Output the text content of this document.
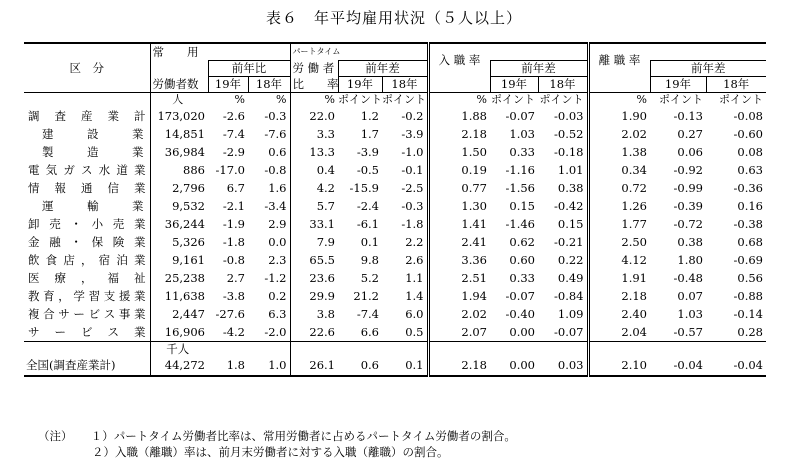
表６　年平均雇用状況（５人以上）
区　分	常　　用			パートタイム			入 職 率			離 職 率		
		前年比		労 働 者	前年差			前年差			前年差	
	労働者数	19年	18年	比　　率	19年	18年		19年	18年		19年	18年
	人	%	%	%	ポイント	ポイント	%	ポイント	ポイント	%	ポイント	ポイント
調査産業計	173,020	-2.6	-0.3	22.0	1.2	-0.2	1.88	-0.07	-0.03	1.90	-0.13	-0.08
建設業	14,851	-7.4	-7.6	3.3	1.7	-3.9	2.18	1.03	-0.52	2.02	0.27	-0.60
製造業	36,984	-2.9	0.6	13.3	-3.9	-1.0	1.50	0.33	-0.18	1.38	0.06	0.08
電気ガス水道業	886	-17.0	-0.8	0.4	-0.5	-0.1	0.19	-1.16	1.01	0.34	-0.92	0.63
情報通信業	2,796	6.7	1.6	4.2	-15.9	-2.5	0.77	-1.56	0.38	0.72	-0.99	-0.36
運輸業	9,532	-2.1	-3.4	5.7	-2.4	-0.3	1.30	0.15	-0.42	1.26	-0.39	0.16
卸売・小売業	36,244	-1.9	2.9	33.1	-6.1	-1.8	1.41	-1.46	0.15	1.77	-0.72	-0.38
金融・保険業	5,326	-1.8	0.0	7.9	0.1	2.2	2.41	0.62	-0.21	2.50	0.38	0.68
飲食店，宿泊業	9,161	-0.8	2.3	65.5	9.8	2.6	3.36	0.60	0.22	4.12	1.80	-0.69
医療，福祉	25,238	2.7	-1.2	23.6	5.2	1.1	2.51	0.33	0.49	1.91	-0.48	0.56
教育，学習支援業	11,638	-3.8	0.2	29.9	21.2	1.4	1.94	-0.07	-0.84	2.18	0.07	-0.88
複合サービス事業	2,447	-27.6	6.3	3.8	-7.4	6.0	2.02	-0.40	1.09	2.40	1.03	-0.14
サービス業	16,906	-4.2	-2.0	22.6	6.6	0.5	2.07	0.00	-0.07	2.04	-0.57	0.28
	千人											
全国(調査産業計)	44,272	1.8	1.0	26.1	0.6	0.1	2.18	0.00	0.03	2.10	-0.04	-0.04
（注） １）パートタイム労働者比率は、常用労働者に占めるパートタイム労働者の割合。
２）入職（離職）率は、前月末労働者に対する入職（離職）の割合。
